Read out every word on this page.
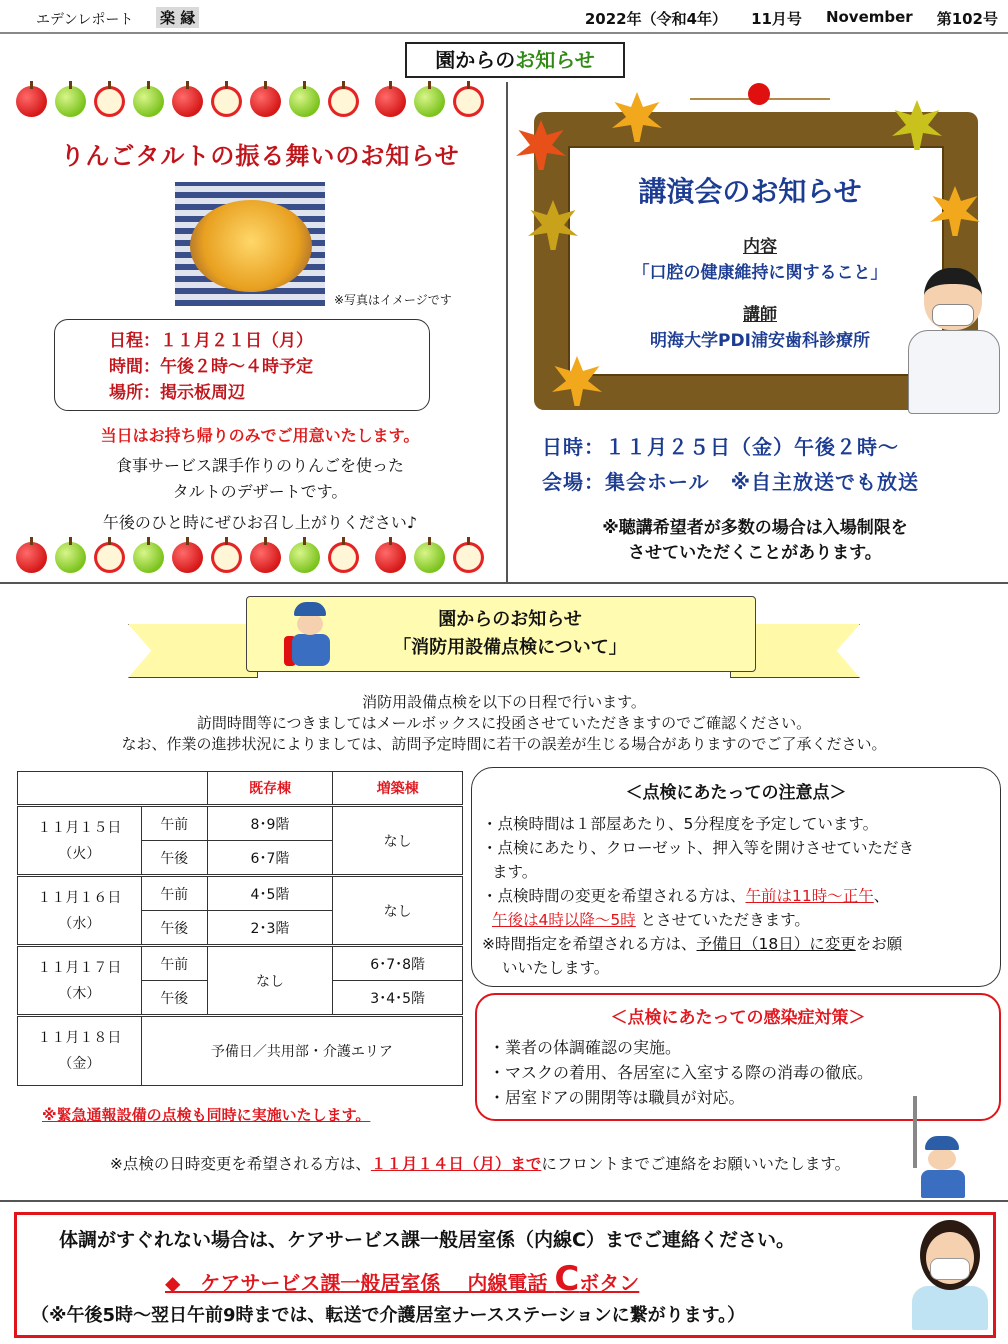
エデンレポート 楽 縁	2022年（令和4年） 11月号 November 第102号
園からのお知らせ
りんごタルトの振る舞いのお知らせ
※写真はイメージです
日程：１１月２１日（月）
時間：午後２時～４時予定
場所：掲示板周辺
当日はお持ち帰りのみでご用意いたします。
食事サービス課手作りのりんごを使った
タルトのデザートです。
午後のひと時にぜひお召し上がりください♪
講演会のお知らせ
内容
「口腔の健康維持に関すること」
講師
明海大学PDI浦安歯科診療所
日時：１１月２５日（金）午後２時～
会場：集会ホール　※自主放送でも放送
※聴講希望者が多数の場合は入場制限を
させていただくことがあります。
園からのお知らせ
「消防用設備点検について」
消防用設備点検を以下の日程で行います。
訪問時間等につきましてはメールボックスに投函させていただきますのでご確認ください。
なお、作業の進捗状況によりましては、訪問予定時間に若干の誤差が生じる場合がありますのでご了承ください。
		既存棟	増築棟

１１月１５日
（火）	午前	8･9階	なし
	午後	6･7階	

１１月１６日
（水）	午前	4･5階	なし
	午後	2･3階	

１１月１７日
（木）	午前	なし	6･7･8階
	午後		3･4･5階

１１月１８日
（金）	予備日／共用部・介護エリア		
※緊急通報設備の点検も同時に実施いたします。
＜点検にあたっての注意点＞
・点検時間は１部屋あたり、5分程度を予定しています。
・点検にあたり、クローゼット、押入等を開けさせていただき
ます。
・点検時間の変更を希望される方は、午前は11時～正午、
午後は4時以降～5時 とさせていただきます。
※時間指定を希望される方は、予備日（18日）に変更をお願
いいたします。
＜点検にあたっての感染症対策＞
・業者の体調確認の実施。
・マスクの着用、各居室に入室する際の消毒の徹底。
・居室ドアの開閉等は職員が対応。
※点検の日時変更を希望される方は、１１月１４日（月）までにフロントまでご連絡をお願いいたします。
体調がすぐれない場合は、ケアサービス課一般居室係（内線C）までご連絡ください。
◆　ケアサービス課一般居室係　 内線電話 Cボタン
（※午後5時～翌日午前9時までは、転送で介護居室ナースステーションに繋がります。）
